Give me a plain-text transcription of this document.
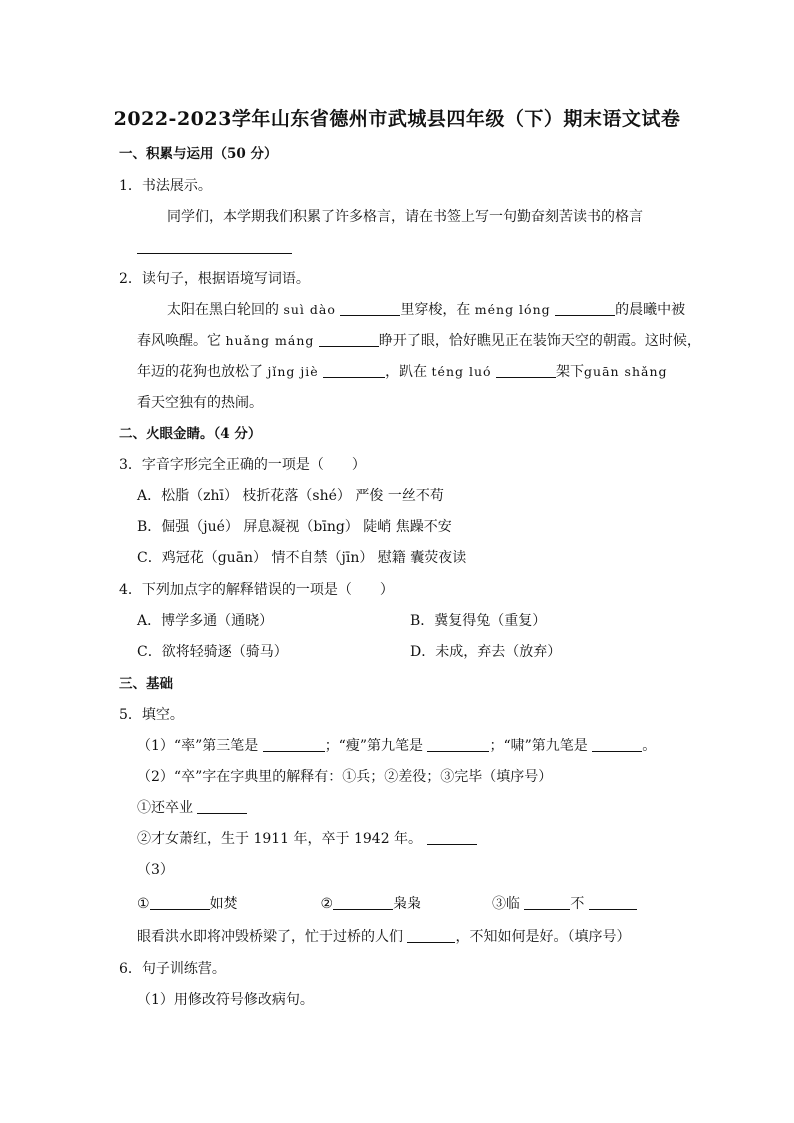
2022-2023学年山东省德州市武城县四年级（下）期末语文试卷
一、积累与运用（50 分）
1．书法展示。
同学们，本学期我们积累了许多格言，请在书签上写一句勤奋刻苦读书的格言
2．读句子，根据语境写词语。
太阳在黑白轮回的 suì dào	里穿梭，在 méng lóng	的晨曦中被
春风唤醒。它 huǎng máng	睁开了眼，恰好瞧见正在装饰天空的朝霞。这时候，
年迈的花狗也放松了 jǐng jiè	，趴在 téng luó	架下guān shǎng
看天空独有的热闹。
二、火眼金睛。（4 分）
3．字音字形完全正确的一项是（　　）
A．松脂（zhī） 枝折花落（shé） 严俊 一丝不苟
B．倔强（jué） 屏息凝视（bīng） 陡峭 焦躁不安
C．鸡冠花（ɡuān） 情不自禁（jīn） 慰籍 囊荧夜读
4．下列加点字的解释错误的一项是（　　）
A．博学多通（通晓）	B．冀复得兔（重复）
C．欲将轻骑逐（骑马）	D．未成，弃去（放弃）
三、基础
5．填空。
（1）“率”第三笔是	；“瘦”第九笔是	；“啸”第九笔是	。
（2）“卒”字在字典里的解释有：①兵；②差役；③完毕（填序号）
①还卒业
②才女萧红，生于 1911 年，卒于 1942 年。
（3）
①	如焚	②	枭枭	③临	不
眼看洪水即将冲毁桥梁了，忙于过桥的人们	，不知如何是好。（填序号）
6．句子训练营。
（1）用修改符号修改病句。
